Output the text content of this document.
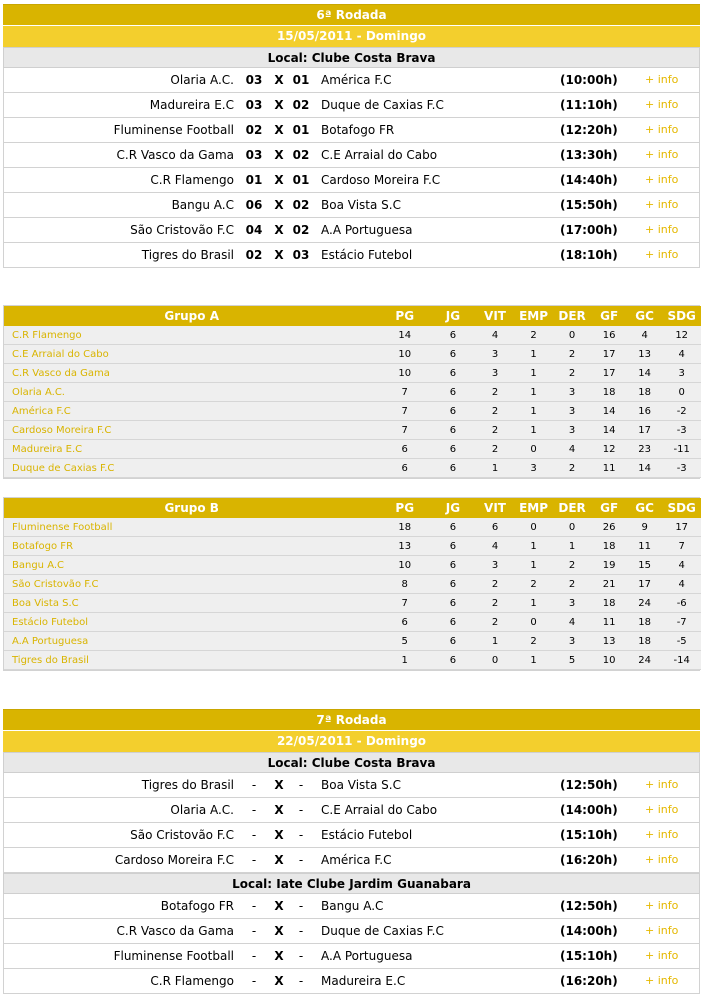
6ª Rodada
15/05/2011 - Domingo
Local: Clube Costa Brava
Olaria A.C. 03	X 01 América F.C	(10:00h) + info
Madureira E.C 03	X 02 Duque de Caxias F.C	(11:10h) + info
Fluminense Football 02	X 01 Botafogo FR	(12:20h) + info
C.R Vasco da Gama 03	X 02 C.E Arraial do Cabo	(13:30h) + info
C.R Flamengo 01	X 01 Cardoso Moreira F.C	(14:40h) + info
Bangu A.C 06	X 02 Boa Vista S.C	(15:50h) + info
São Cristovão F.C 04	X 02 A.A Portuguesa	(17:00h) + info
Tigres do Brasil 02	X 03 Estácio Futebol	(18:10h) + info
Grupo A	PG	JG	VIT	EMP	DER	GF	GC	SDG
C.R Flamengo	14	6	4	2	0	16	4	12
C.E Arraial do Cabo	10	6	3	1	2	17	13	4
C.R Vasco da Gama	10	6	3	1	2	17	14	3
Olaria A.C.	7	6	2	1	3	18	18	0
América F.C	7	6	2	1	3	14	16	-2
Cardoso Moreira F.C	7	6	2	1	3	14	17	-3
Madureira E.C	6	6	2	0	4	12	23	-11
Duque de Caxias F.C	6	6	1	3	2	11	14	-3
Grupo B	PG	JG	VIT	EMP	DER	GF	GC	SDG
Fluminense Football	18	6	6	0	0	26	9	17
Botafogo FR	13	6	4	1	1	18	11	7
Bangu A.C	10	6	3	1	2	19	15	4
São Cristovão F.C	8	6	2	2	2	21	17	4
Boa Vista S.C	7	6	2	1	3	18	24	-6
Estácio Futebol	6	6	2	0	4	11	18	-7
A.A Portuguesa	5	6	1	2	3	13	18	-5
Tigres do Brasil	1	6	0	1	5	10	24	-14
7ª Rodada
22/05/2011 - Domingo
Local: Clube Costa Brava
Tigres do Brasil	-	X	-	Boa Vista S.C	(12:50h) + info
Olaria A.C.	-	X	-	C.E Arraial do Cabo	(14:00h) + info
São Cristovão F.C	-	X	-	Estácio Futebol	(15:10h) + info
Cardoso Moreira F.C	-	X	-	América F.C	(16:20h) + info
Local: Iate Clube Jardim Guanabara
Botafogo FR	-	X	-	Bangu A.C	(12:50h) + info
C.R Vasco da Gama	-	X	-	Duque de Caxias F.C	(14:00h) + info
Fluminense Football	-	X	-	A.A Portuguesa	(15:10h) + info
C.R Flamengo	-	X	-	Madureira E.C	(16:20h) + info
